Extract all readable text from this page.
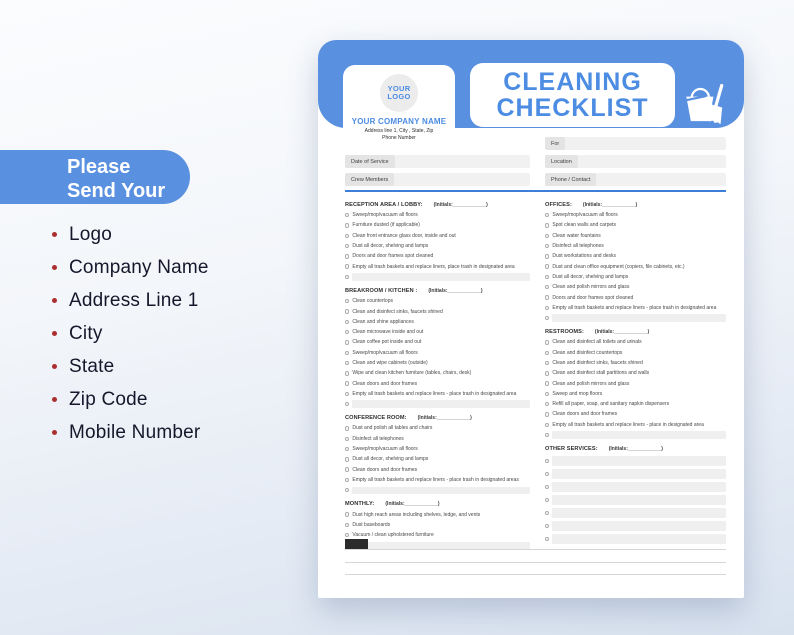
Please
Send Your
Logo
Company Name
Address Line 1
City
State
Zip Code
Mobile Number
YOUR
LOGO
YOUR COMPANY NAME
Address line 1, City , State, Zip
Phone Number
CLEANING
CHECKLIST
For
Date of Service	Location
Crew Members	Phone / Contact
RECEPTION AREA / LOBBY: (Initials:____________)
Sweep/mop/vacuum all floors
Furniture dusted (if applicable)
Clean front entrance glass door, inside and out
Dust all decor, shelving and lamps
Doors and door frames spot cleaned
Empty all trash baskets and replace liners, place trash in designated area
BREAKROOM / KITCHEN : (Initials:____________)
Clean countertops
Clean and disinfect sinks, faucets shined
Clean and shine appliances
Clean microwave inside and out
Clean coffee pot inside and out
Sweep/mop/vacuum all floors
Clean and wipe cabinets (outside)
Wipe and clean kitchen furniture (tables, chairs, desk)
Clean doors and door frames
Empty all trash baskets and replace liners - place trash in designated area
CONFERENCE ROOM: (Initials:____________)
Dust and polish all tables and chairs
Disinfect all telephones
Sweep/mop/vacuum all floors
Dust all decor, shelving and lamps
Clean doors and door frames
Empty all trash baskets and replace liners - place trash in designated areas
MONTHLY: (Initials:____________)
Dust high reach areas including shelves, ledge, and vents
Dust baseboards
Vacuum / clean upholstered furniture
OFFICES: (Initials:____________)
Sweep/mop/vacuum all floors
Spot clean walls and carpets
Clean water fountains
Disinfect all telephones
Dust workstations and desks
Dust and clean office equipment (copiers, file cabinets, etc.)
Dust all decor, shelving and lamps
Clean and polish mirrors and glass
Doors and door frames spot cleaned
Empty all trash baskets and replace liners - place trash in designated area
RESTROOMS: (Initials:____________)
Clean and disinfect all toilets and urinals
Clean and disinfect countertops
Clean and disinfect sinks, faucets shined
Clean and disinfect stall partitions and walls
Clean and polish mirrors and glass
Sweep and mop floors
Refill all paper, soap, and sanitary napkin dispensers
Clean doors and door frames
Empty all trash baskets and replace liners - place in designated area
OTHER SERVICES: (Initials:____________)
